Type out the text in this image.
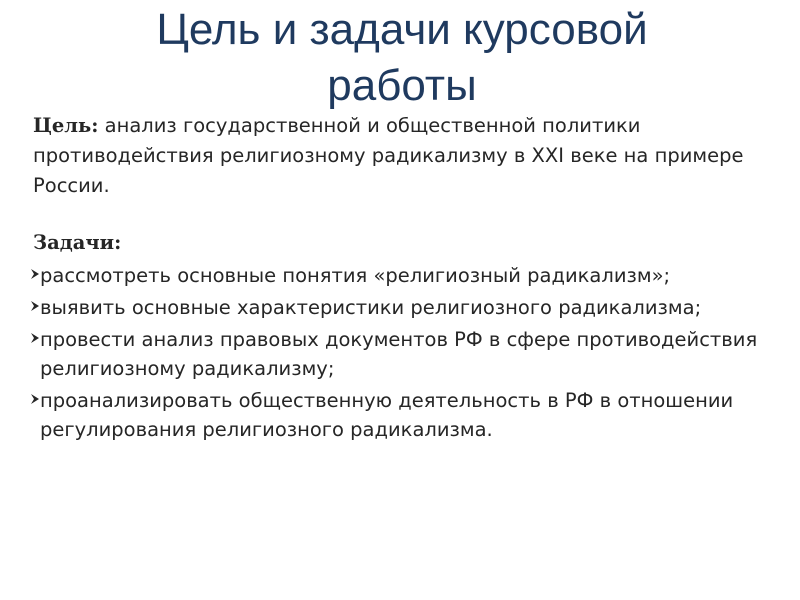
Цель и задачи курсовой
работы

Цель: анализ государственной и общественной политики противодействия религиозному радикализму в XXI веке на примере России.

Задачи:
рассмотреть основные понятия «религиозный радикализм»;
выявить основные характеристики религиозного радикализма;
провести анализ правовых документов РФ в сфере противодействия религиозному радикализму;
проанализировать общественную деятельность в РФ в отношении регулирования религиозного радикализма.
